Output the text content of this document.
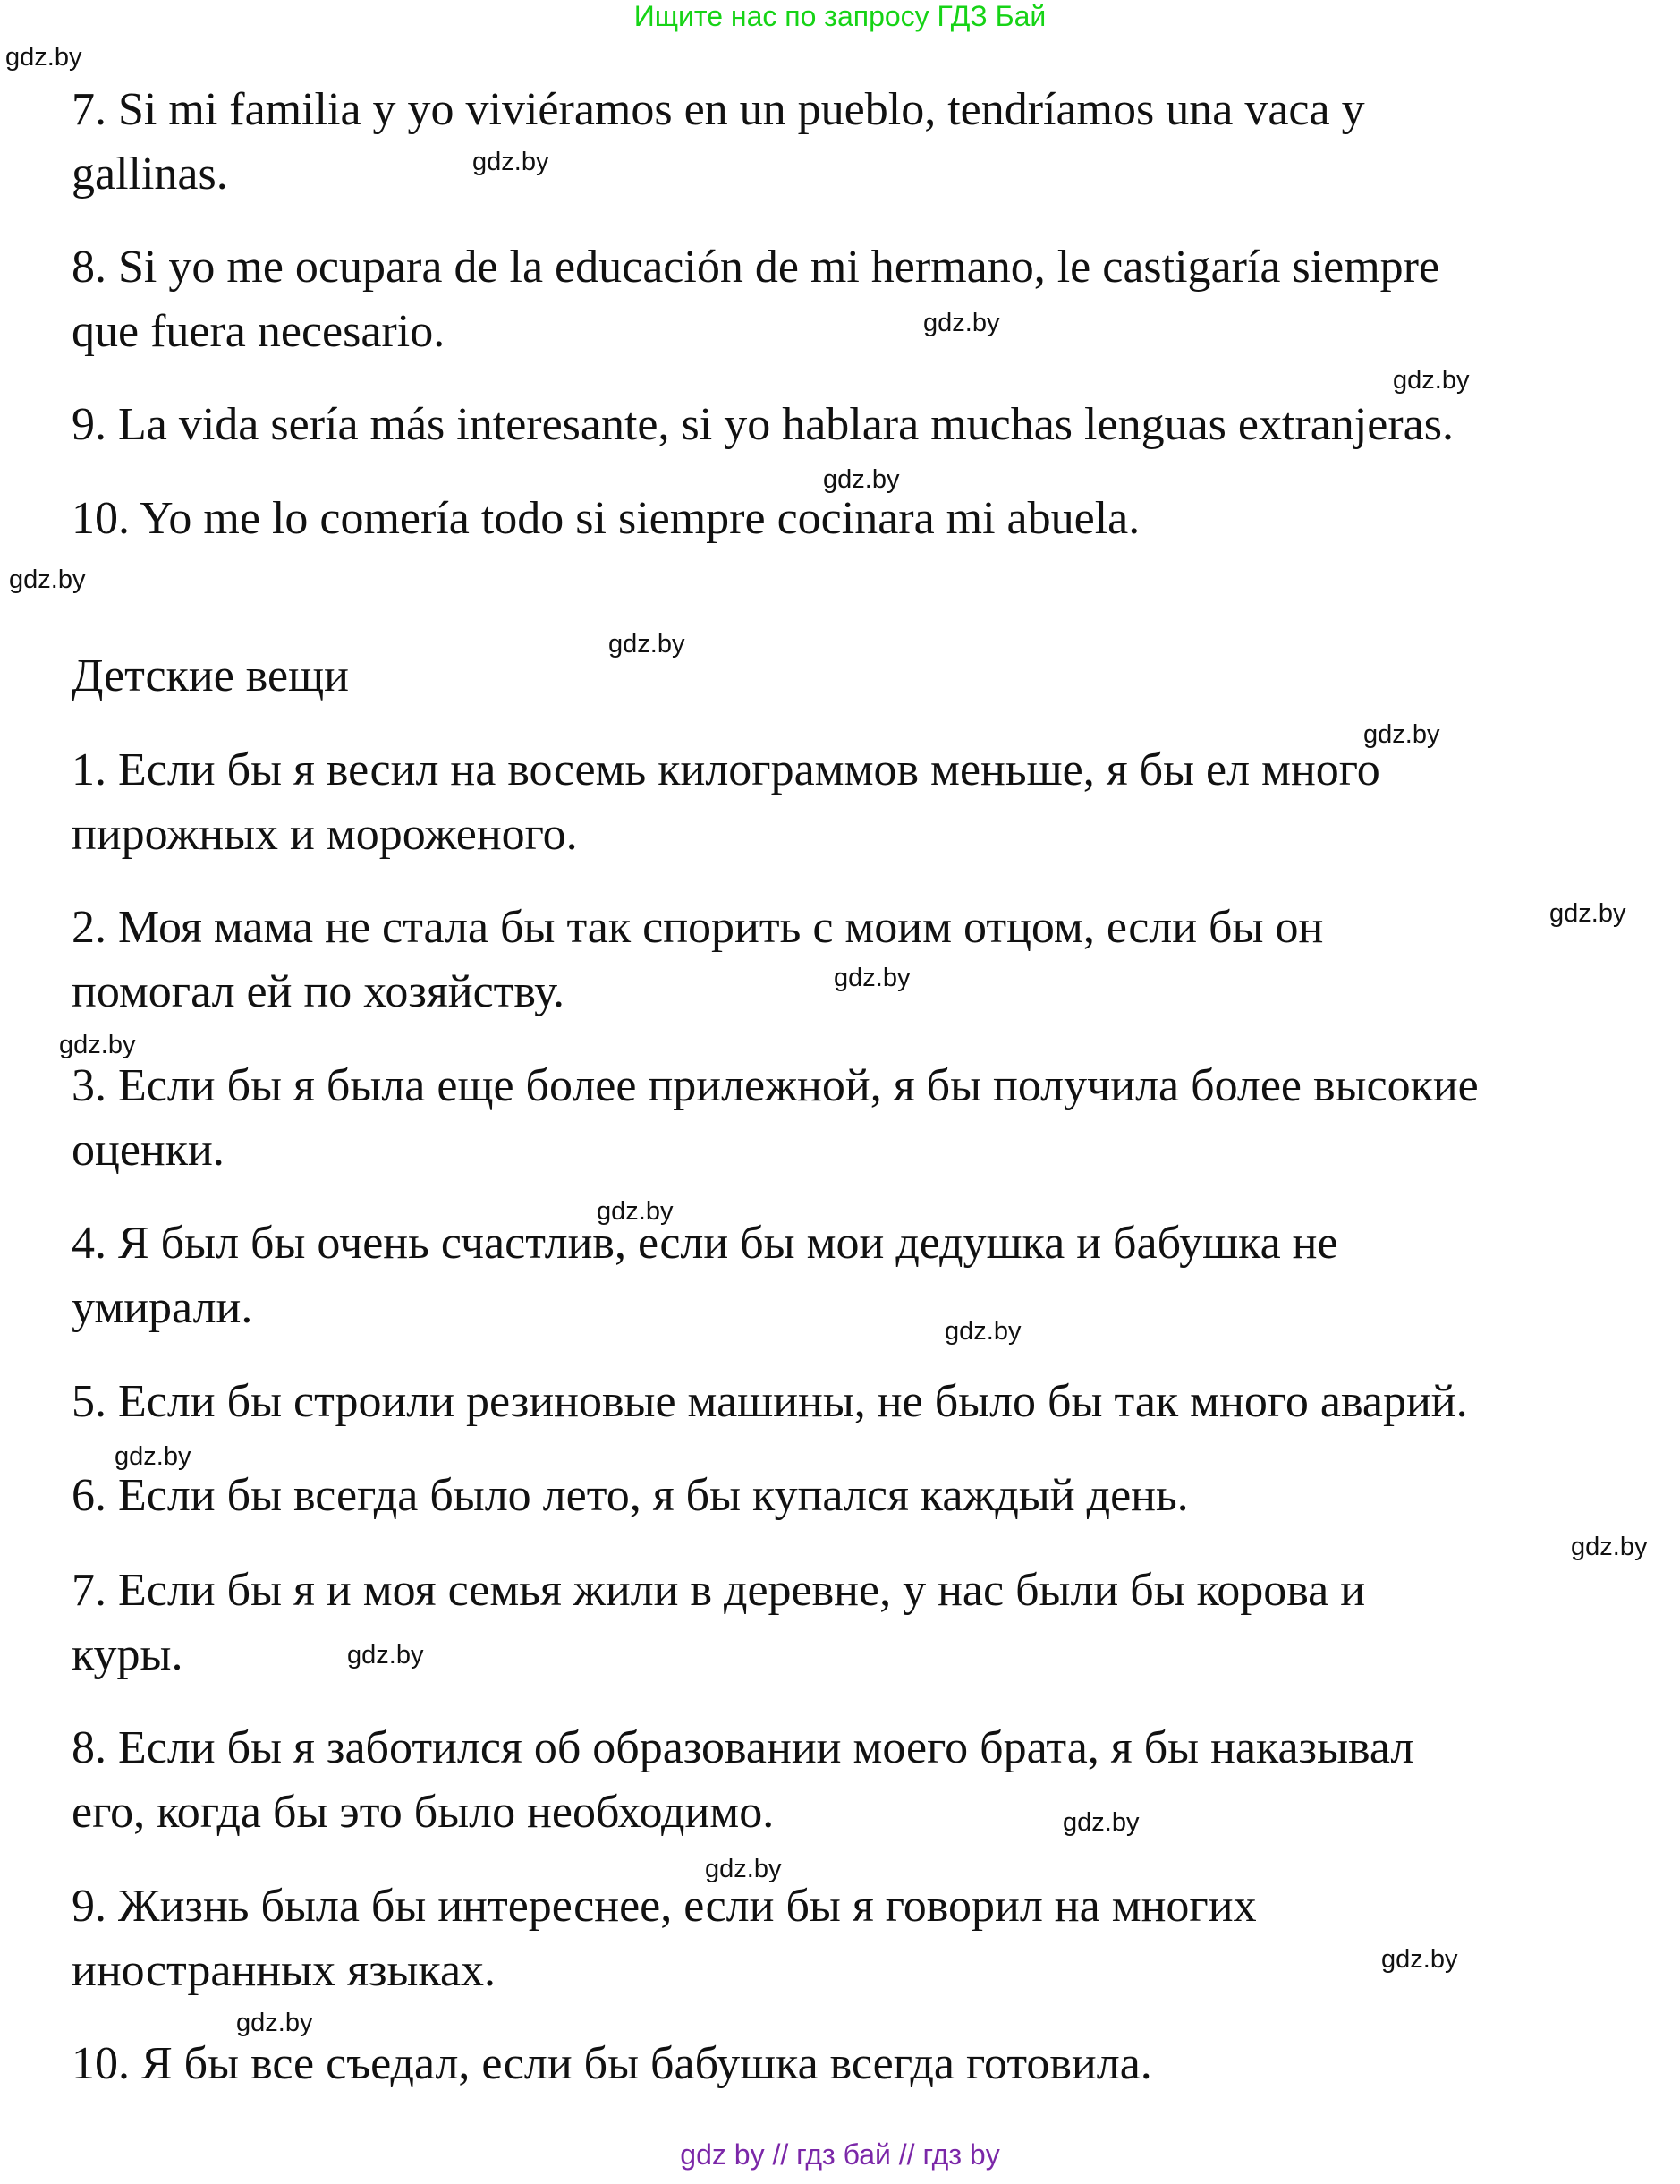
Ищите нас по запросу ГДЗ Бай

7. Si mi familia y yo viviéramos en un pueblo, tendríamos una vaca y
gallinas.

8. Si yo me ocupara de la educación de mi hermano, le castigaría siempre
que fuera necesario.

9. La vida sería más interesante, si yo hablara muchas lenguas extranjeras.

10. Yo me lo comería todo si siempre cocinara mi abuela.

Детские вещи

1. Если бы я весил на восемь килограммов меньше, я бы ел много
пирожных и мороженого.

2. Моя мама не стала бы так спорить с моим отцом, если бы он
помогал ей по хозяйству.

3. Если бы я была еще более прилежной, я бы получила более высокие
оценки.

4. Я был бы очень счастлив, если бы мои дедушка и бабушка не
умирали.

5. Если бы строили резиновые машины, не было бы так много аварий.

6. Если бы всегда было лето, я бы купался каждый день.

7. Если бы я и моя семья жили в деревне, у нас были бы корова и
куры.

8. Если бы я заботился об образовании моего брата, я бы наказывал
его, когда бы это было необходимо.

9. Жизнь была бы интереснее, если бы я говорил на многих
иностранных языках.

10. Я бы все съедал, если бы бабушка всегда готовила.

gdz.by
gdz.by
gdz.by
gdz.by
gdz.by
gdz.by
gdz.by
gdz.by
gdz.by
gdz.by
gdz.by
gdz.by
gdz.by
gdz.by
gdz.by
gdz.by
gdz.by
gdz.by
gdz.by
gdz.by
gdz by // гдз бай // гдз by
